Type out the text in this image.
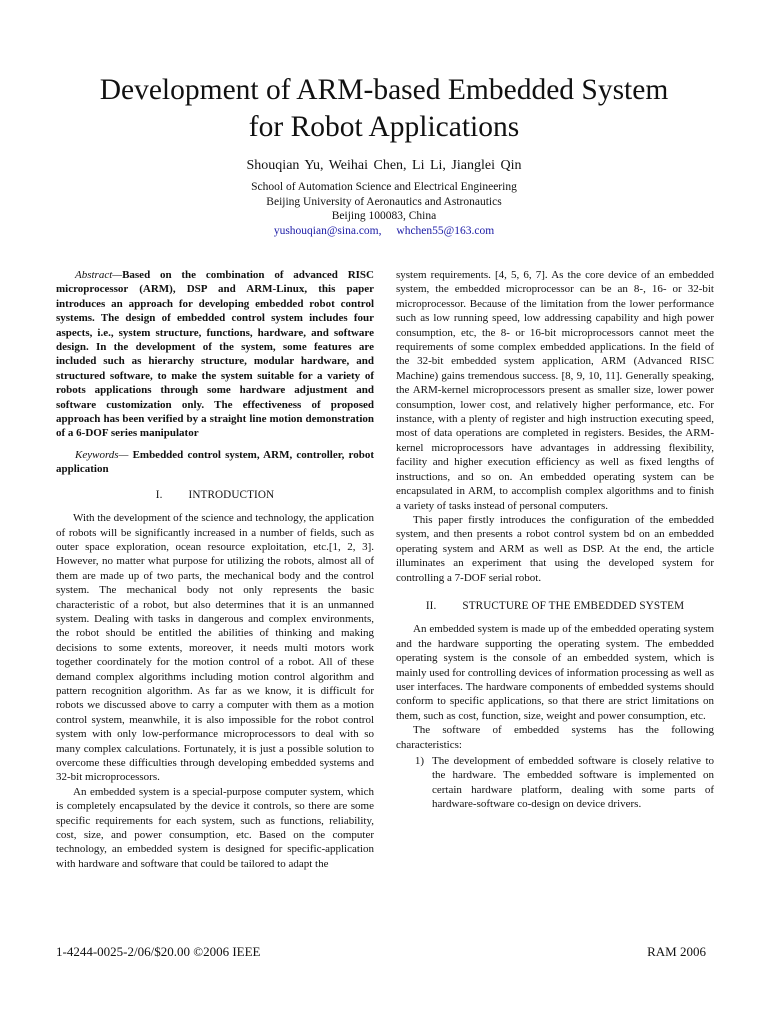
Development of ARM-based Embedded System
for Robot Applications
Shouqian Yu, Weihai Chen, Li Li, Jianglei Qin
School of Automation Science and Electrical Engineering
Beijing University of Aeronautics and Astronautics
Beijing 100083, China
yushouqian@sina.com, whchen55@163.com

Abstract—Based on the combination of advanced RISC microprocessor (ARM), DSP and ARM-Linux, this paper introduces an approach for developing embedded robot control systems. The design of embedded control system includes four aspects, i.e., system structure, functions, hardware, and software design. In the development of the system, some features are included such as hierarchy structure, modular hardware, and structured software, to make the system suitable for a variety of robots applications through some hardware adjustment and software customization only. The effectiveness of proposed approach has been verified by a straight line motion demonstration of a 6-DOF series manipulator

Keywords— Embedded control system, ARM, controller, robot application

I. INTRODUCTION

With the development of the science and technology, the application of robots will be significantly increased in a number of fields, such as outer space exploration, ocean resource exploitation, etc.[1, 2, 3]. However, no matter what purpose for utilizing the robots, almost all of them are made up of two parts, the mechanical body and the control system. The mechanical body not only represents the basic characteristic of a robot, but also determines that it is an unmanned system. Dealing with tasks in dangerous and complex environments, the robot should be entitled the abilities of thinking and making decisions to some extents, moreover, it needs multi motors work together coordinately for the motion control of a robot. All of these demand complex algorithms including motion control algorithm and pattern recognition algorithm. As far as we know, it is difficult for robots we discussed above to carry a computer with them as a motion control system, meanwhile, it is also impossible for the robot control system with only low-performance microprocessors to deal with so many complex calculations. Fortunately, it is just a possible solution to overcome these difficulties through developing embedded systems and 32-bit microprocessors.

An embedded system is a special-purpose computer system, which is completely encapsulated by the device it controls, so there are some specific requirements for each system, such as functions, reliability, cost, size, and power consumption, etc. Based on the computer technology, an embedded system is designed for specific-application with hardware and software that could be tailored to adapt the

system requirements. [4, 5, 6, 7]. As the core device of an embedded system, the embedded microprocessor can be an 8-, 16- or 32-bit microprocessor. Because of the limitation from the lower performance such as low running speed, low addressing capability and high power consumption, etc, the 8- or 16-bit microprocessors cannot meet the requirements of some complex embedded applications. In the field of the 32-bit embedded system application, ARM (Advanced RISC Machine) gains tremendous success. [8, 9, 10, 11]. Generally speaking, the ARM-kernel microprocessors present as smaller size, lower power consumption, lower cost, and relatively higher performance, etc. For instance, with a plenty of register and high instruction executing speed, most of data operations are completed in registers. Besides, the ARM-kernel microprocessors have advantages in addressing flexibility, facility and higher execution efficiency as well as fixed lengths of instructions, and so on. An embedded operating system can be encapsulated in ARM, to accomplish complex algorithms and to finish a variety of tasks instead of personal computers.

This paper firstly introduces the configuration of the embedded system, and then presents a robot control system bd on an embedded operating system and ARM as well as DSP. At the end, the article illuminates an experiment that using the developed system for controlling a 7-DOF serial robot.

II. STRUCTURE OF THE EMBEDDED SYSTEM

An embedded system is made up of the embedded operating system and the hardware supporting the operating system. The embedded operating system is the console of an embedded system, which is mainly used for controlling devices of information processing as well as user interfaces. The hardware components of embedded systems should conform to specific applications, so that there are strict limitations on them, such as cost, function, size, weight and power consumption, etc.

The software of embedded systems has the following characteristics:

1) The development of embedded software is closely relative to the hardware. The embedded software is implemented on certain hardware platform, dealing with some parts of hardware-software co-design on device drivers.
1-4244-0025-2/06/$20.00 ©2006 IEEE	RAM 2006
